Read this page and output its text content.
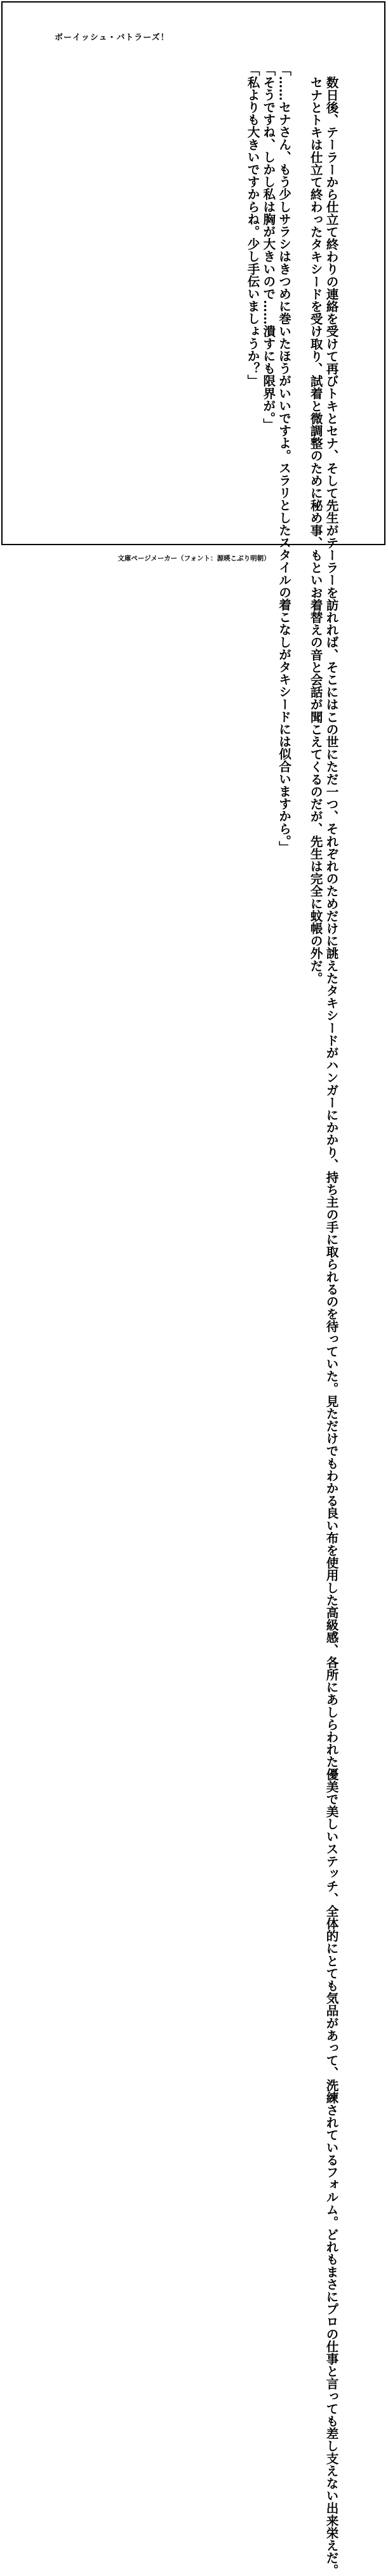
ボーイッシュ・バトラーズ！
数日後、テーラーから仕立て終わりの連絡を受けて再びトキとセナ、そして先生がテーラーを訪れれば、そこにはこの世にただ一つ、それぞれのためだけに誂えたタキシードがハンガーにかかり、持ち主の手に取られるのを待っていた。見ただけでもわかる良い布を使用した高級感、各所にあしらわれた優美で美しいステッチ、全体的にとても気品があって、洗練されているフォルム。どれもまさにプロの仕事と言っても差し支えない出来栄えだ。
セナとトキは仕立て終わったタキシードを受け取り、試着と微調整のために秘め事、もといお着替えの音と会話が聞こえてくるのだが、先生は完全に蚊帳の外だ。
「……セナさん、もう少しサラシはきつめに巻いたほうがいいですよ。スラリとしたスタイルの着こなしがタキシードには似合いますから。」
「そうですね、しかし私は胸が大きいので……潰すにも限界が。」
「私よりも大きいですからね。少し手伝いましょうか？」
文庫ページメーカー（フォント：源暎こぶり明朝）
